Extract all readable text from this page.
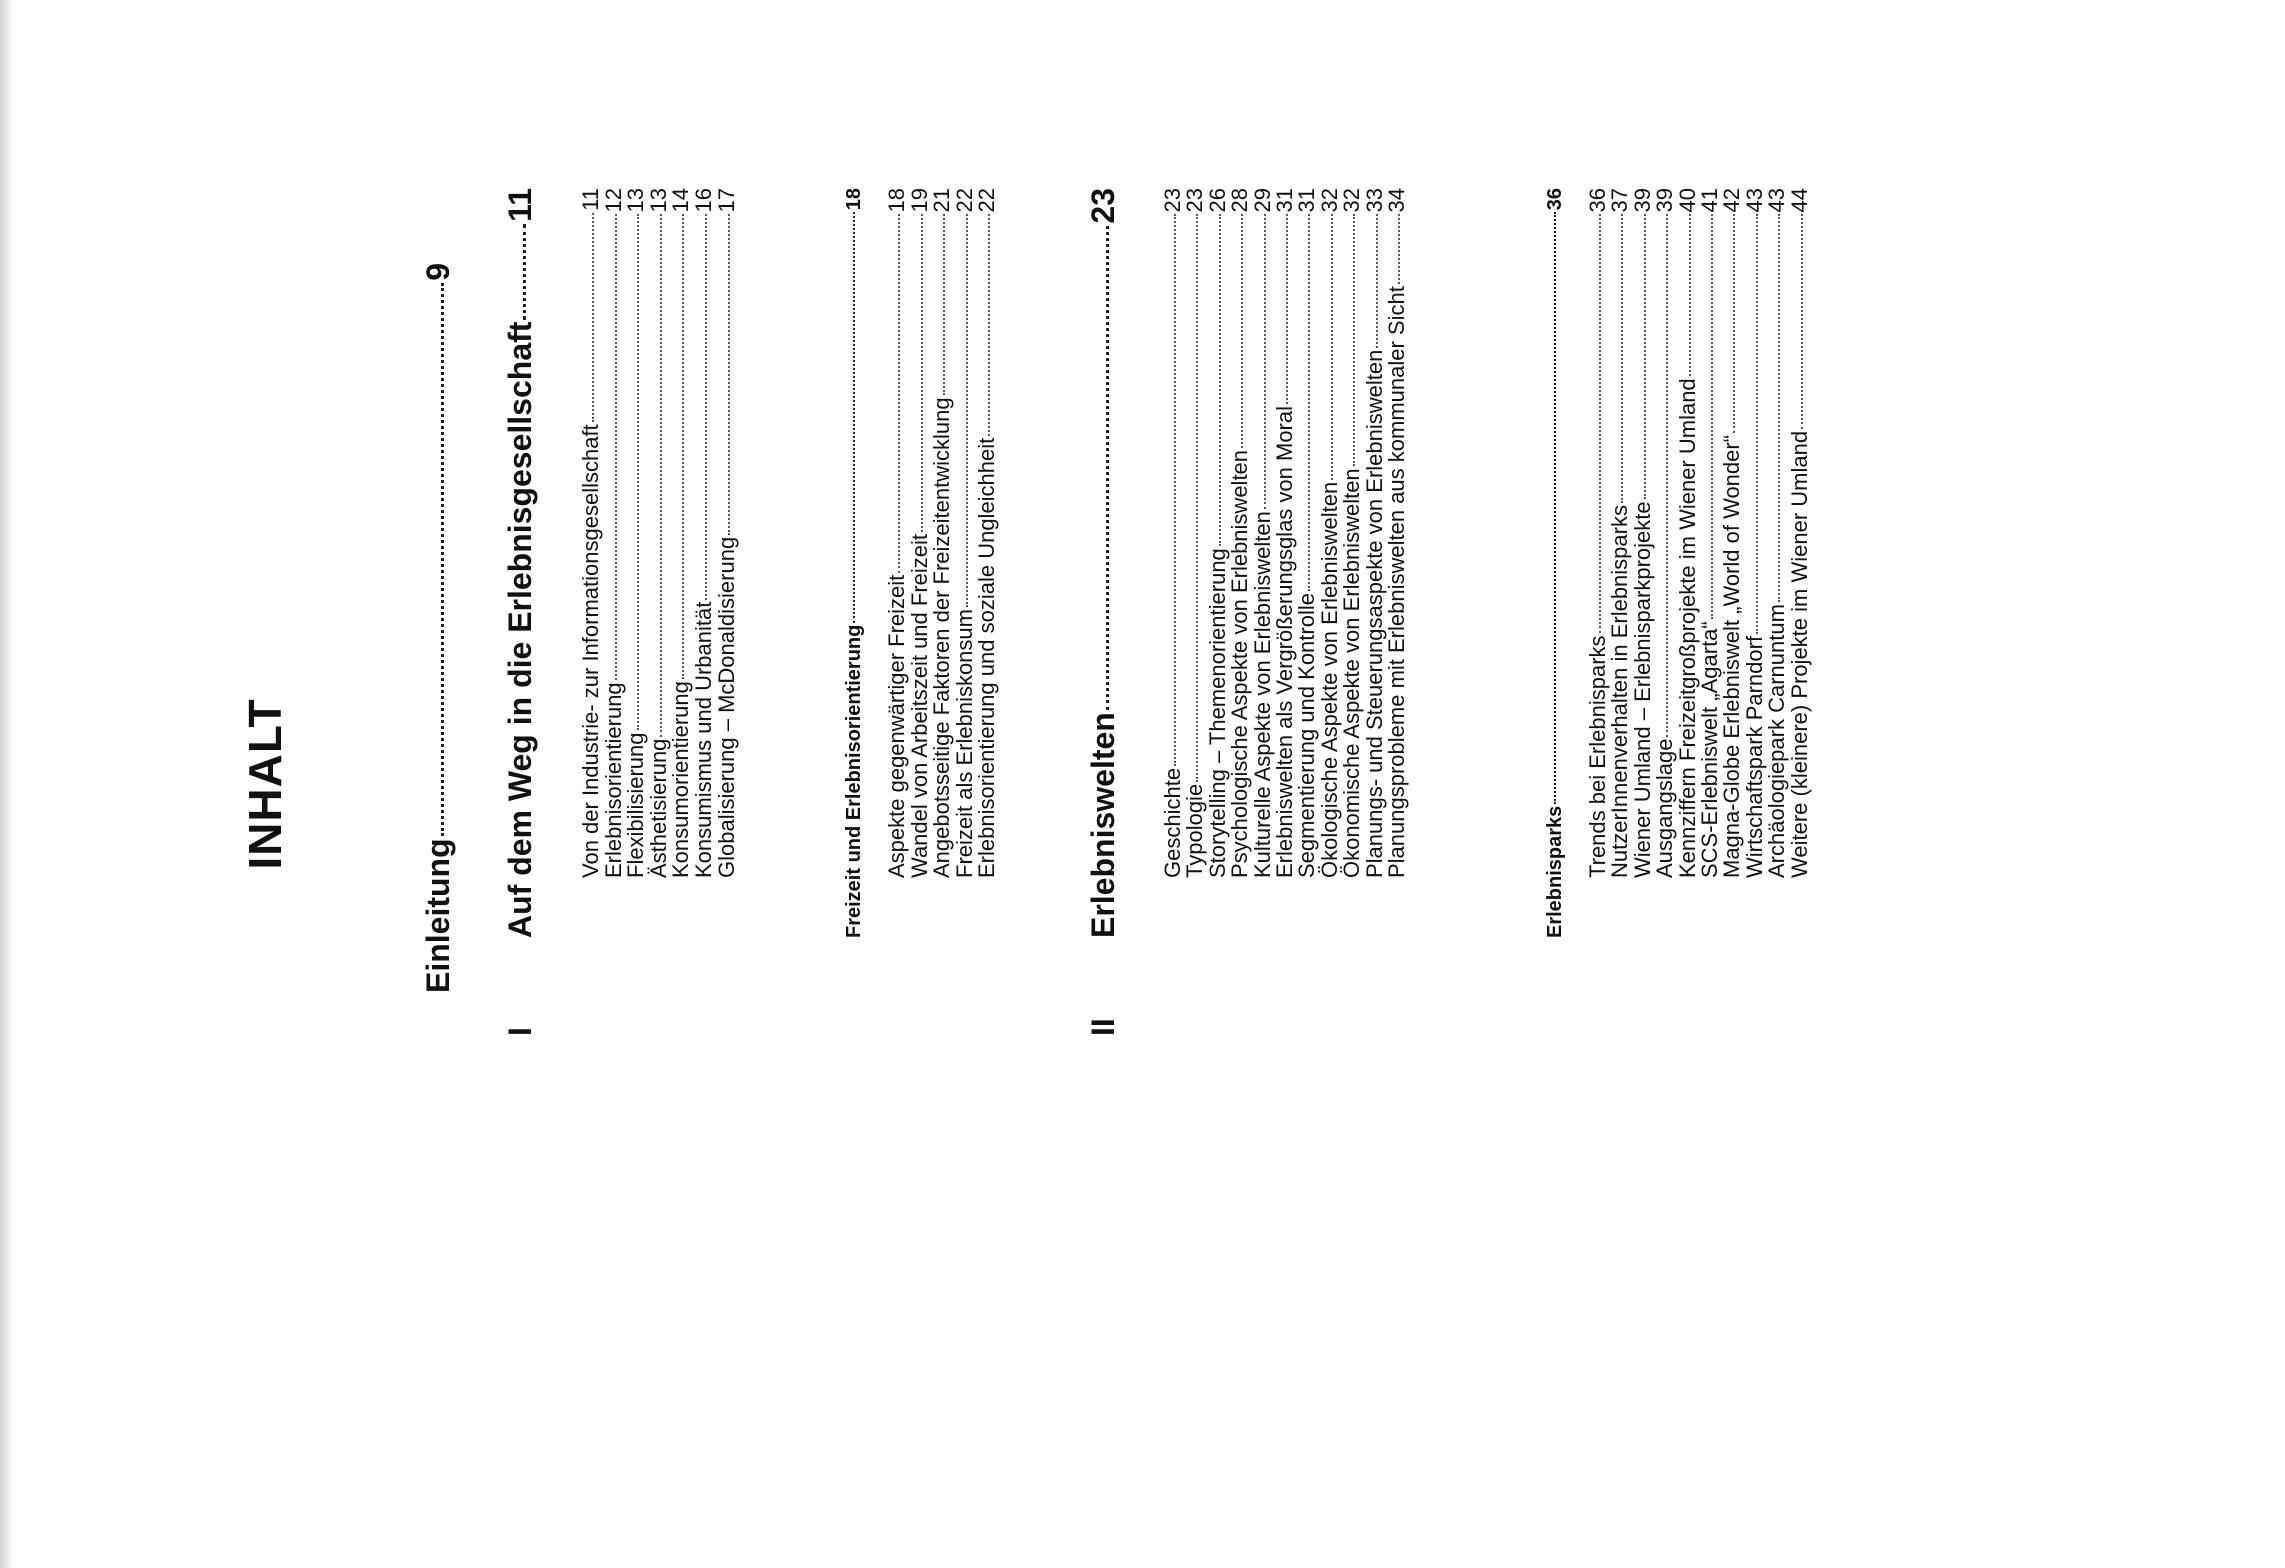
INHALT
Einleitung
9
I
Auf dem Weg in die Erlebnisgesellschaft
11
Von der Industrie- zur Informationsgesellschaft
11
Erlebnisorientierung
12
Flexibilisierung
13
Ästhetisierung
13
Konsumorientierung
14
Konsumismus und Urbanität
16
Globalisierung – McDonaldisierung
17
Freizeit und Erlebnisorientierung
18
Aspekte gegenwärtiger Freizeit
18
Wandel von Arbeitszeit und Freizeit
19
Angebotsseitige Faktoren der Freizeitentwicklung
21
Freizeit als Erlebniskonsum
22
Erlebnisorientierung und soziale Ungleichheit
22
II
Erlebniswelten
23
Geschichte
23
Typologie
23
Storytelling – Themenorientierung
26
Psychologische Aspekte von Erlebniswelten
28
Kulturelle Aspekte von Erlebniswelten
29
Erlebniswelten als Vergrößerungsglas von Moral
31
Segmentierung und Kontrolle
31
Ökologische Aspekte von Erlebniswelten
32
Ökonomische Aspekte von Erlebniswelten
32
Planungs- und Steuerungsaspekte von Erlebniswelten
33
Planungsprobleme mit Erlebniswelten aus kommunaler Sicht
34
Erlebnisparks
36
Trends bei Erlebnisparks
36
NutzerInnenverhalten in Erlebnisparks
37
Wiener Umland – Erlebnisparkprojekte
39
Ausgangslage
39
Kennziffern Freizeitgroßprojekte im Wiener Umland
40
SCS-Erlebniswelt „Agarta“
41
Magna-Globe Erlebniswelt „World of Wonder“
42
Wirtschaftspark Parndorf
43
Archäologiepark Carnuntum
43
Weitere (kleinere) Projekte im Wiener Umland
44
